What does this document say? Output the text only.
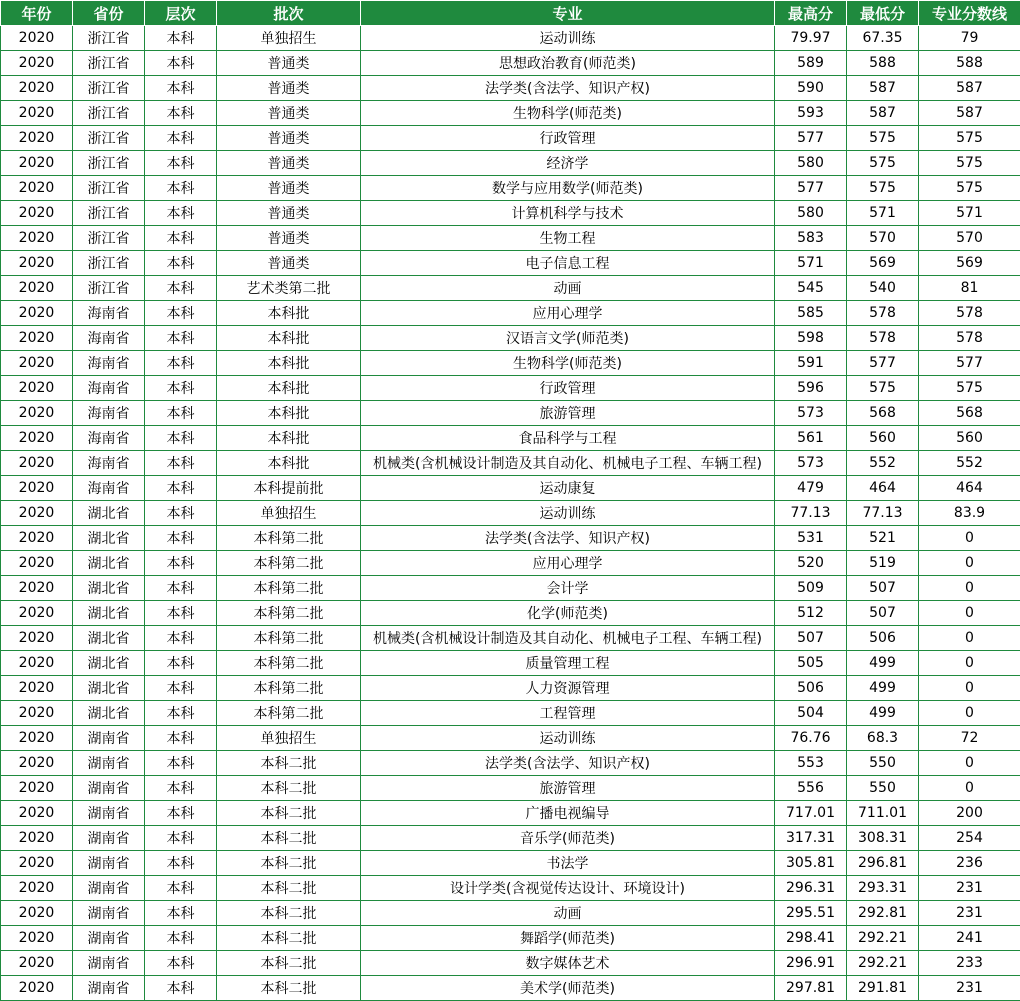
年份	省份	层次	批次	专业	最高分	最低分	专业分数线
2020	浙江省	本科	单独招生	运动训练	79.97	67.35	79
2020	浙江省	本科	普通类	思想政治教育(师范类)	589	588	588
2020	浙江省	本科	普通类	法学类(含法学、知识产权)	590	587	587
2020	浙江省	本科	普通类	生物科学(师范类)	593	587	587
2020	浙江省	本科	普通类	行政管理	577	575	575
2020	浙江省	本科	普通类	经济学	580	575	575
2020	浙江省	本科	普通类	数学与应用数学(师范类)	577	575	575
2020	浙江省	本科	普通类	计算机科学与技术	580	571	571
2020	浙江省	本科	普通类	生物工程	583	570	570
2020	浙江省	本科	普通类	电子信息工程	571	569	569
2020	浙江省	本科	艺术类第二批	动画	545	540	81
2020	海南省	本科	本科批	应用心理学	585	578	578
2020	海南省	本科	本科批	汉语言文学(师范类)	598	578	578
2020	海南省	本科	本科批	生物科学(师范类)	591	577	577
2020	海南省	本科	本科批	行政管理	596	575	575
2020	海南省	本科	本科批	旅游管理	573	568	568
2020	海南省	本科	本科批	食品科学与工程	561	560	560
2020	海南省	本科	本科批	机械类(含机械设计制造及其自动化、机械电子工程、车辆工程)	573	552	552
2020	海南省	本科	本科提前批	运动康复	479	464	464
2020	湖北省	本科	单独招生	运动训练	77.13	77.13	83.9
2020	湖北省	本科	本科第二批	法学类(含法学、知识产权)	531	521	0
2020	湖北省	本科	本科第二批	应用心理学	520	519	0
2020	湖北省	本科	本科第二批	会计学	509	507	0
2020	湖北省	本科	本科第二批	化学(师范类)	512	507	0
2020	湖北省	本科	本科第二批	机械类(含机械设计制造及其自动化、机械电子工程、车辆工程)	507	506	0
2020	湖北省	本科	本科第二批	质量管理工程	505	499	0
2020	湖北省	本科	本科第二批	人力资源管理	506	499	0
2020	湖北省	本科	本科第二批	工程管理	504	499	0
2020	湖南省	本科	单独招生	运动训练	76.76	68.3	72
2020	湖南省	本科	本科二批	法学类(含法学、知识产权)	553	550	0
2020	湖南省	本科	本科二批	旅游管理	556	550	0
2020	湖南省	本科	本科二批	广播电视编导	717.01	711.01	200
2020	湖南省	本科	本科二批	音乐学(师范类)	317.31	308.31	254
2020	湖南省	本科	本科二批	书法学	305.81	296.81	236
2020	湖南省	本科	本科二批	设计学类(含视觉传达设计、环境设计)	296.31	293.31	231
2020	湖南省	本科	本科二批	动画	295.51	292.81	231
2020	湖南省	本科	本科二批	舞蹈学(师范类)	298.41	292.21	241
2020	湖南省	本科	本科二批	数字媒体艺术	296.91	292.21	233
2020	湖南省	本科	本科二批	美术学(师范类)	297.81	291.81	231
